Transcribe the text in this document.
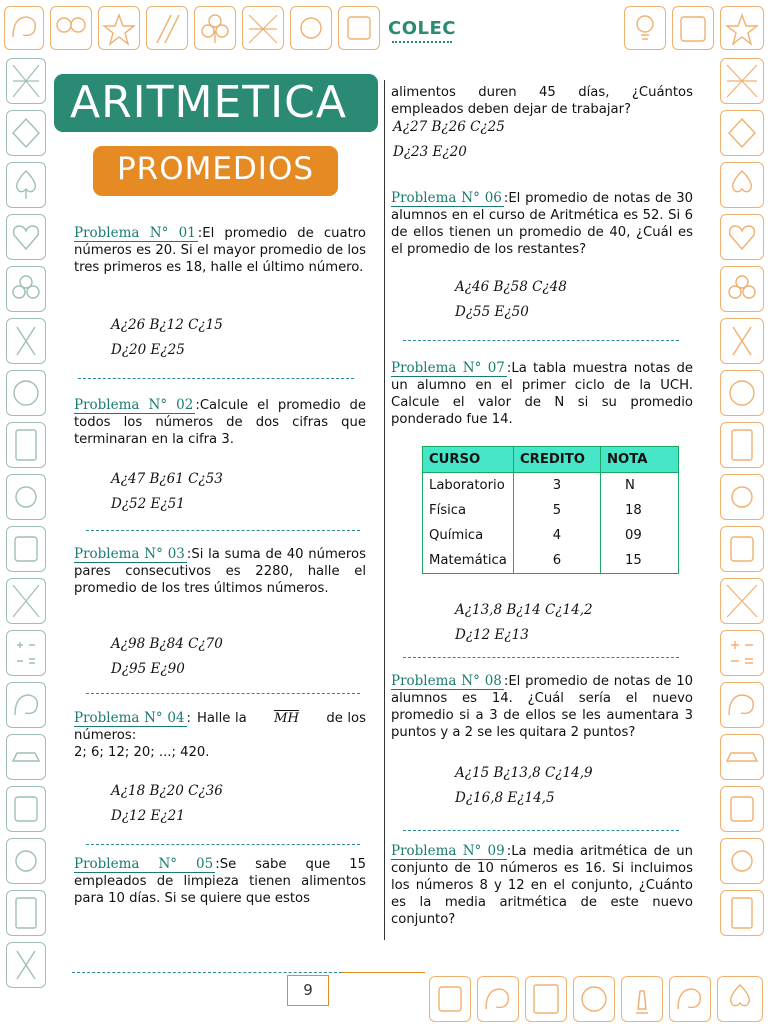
COLEC
ARITMETICA
PROMEDIOS
Problema N° 01 :El promedio de cuatro números es 20. Si el mayor promedio de los tres primeros es 18, halle el último número.
A¿26 B¿12 C¿15
D¿20 E¿25
Problema N° 02 :Calcule el promedio de todos los números de dos cifras que terminaran en la cifra 3.
A¿47 B¿61 C¿53
D¿52 E¿51
Problema N° 03 :Si la suma de 40 números pares consecutivos es 2280, halle el promedio de los tres últimos números.
A¿98 B¿84 C¿70
D¿95 E¿90
Problema N° 04 : Halle la $\overline{MH}$ de los números:
2; 6; 12; 20; ...; 420.
A¿18 B¿20 C¿36
D¿12 E¿21
Problema N° 05 :Se sabe que 15 empleados de limpieza tienen alimentos para 10 días. Si se quiere que estos
alimentos duren 45 días, ¿Cuántos empleados deben dejar de trabajar?
A¿27 B¿26 C¿25
D¿23 E¿20
Problema N° 06 :El promedio de notas de 30 alumnos en el curso de Aritmética es 52. Si 6 de ellos tienen un promedio de 40, ¿Cuál es el promedio de los restantes?
A¿46 B¿58 C¿48
D¿55 E¿50
Problema N° 07 :La tabla muestra notas de un alumno en el primer ciclo de la UCH. Calcule el valor de N si su promedio ponderado fue 14.
A¿13,8 B¿14 C¿14,2
D¿12 E¿13
Problema N° 08 :El promedio de notas de 10 alumnos es 14. ¿Cuál sería el nuevo promedio si a 3 de ellos se les aumentara 3 puntos y a 2 se les quitara 2 puntos?
A¿15 B¿13,8 C¿14,9
D¿16,8 E¿14,5
Problema N° 09 :La media aritmética de un conjunto de 10 números es 16. Si incluimos los números 8 y 12 en el conjunto, ¿Cuánto es la media aritmética de este nuevo conjunto?
CURSO	CREDITO	NOTA
Laboratorio	3	N
Física	5	18
Química	4	09
Matemática	6	15
9
